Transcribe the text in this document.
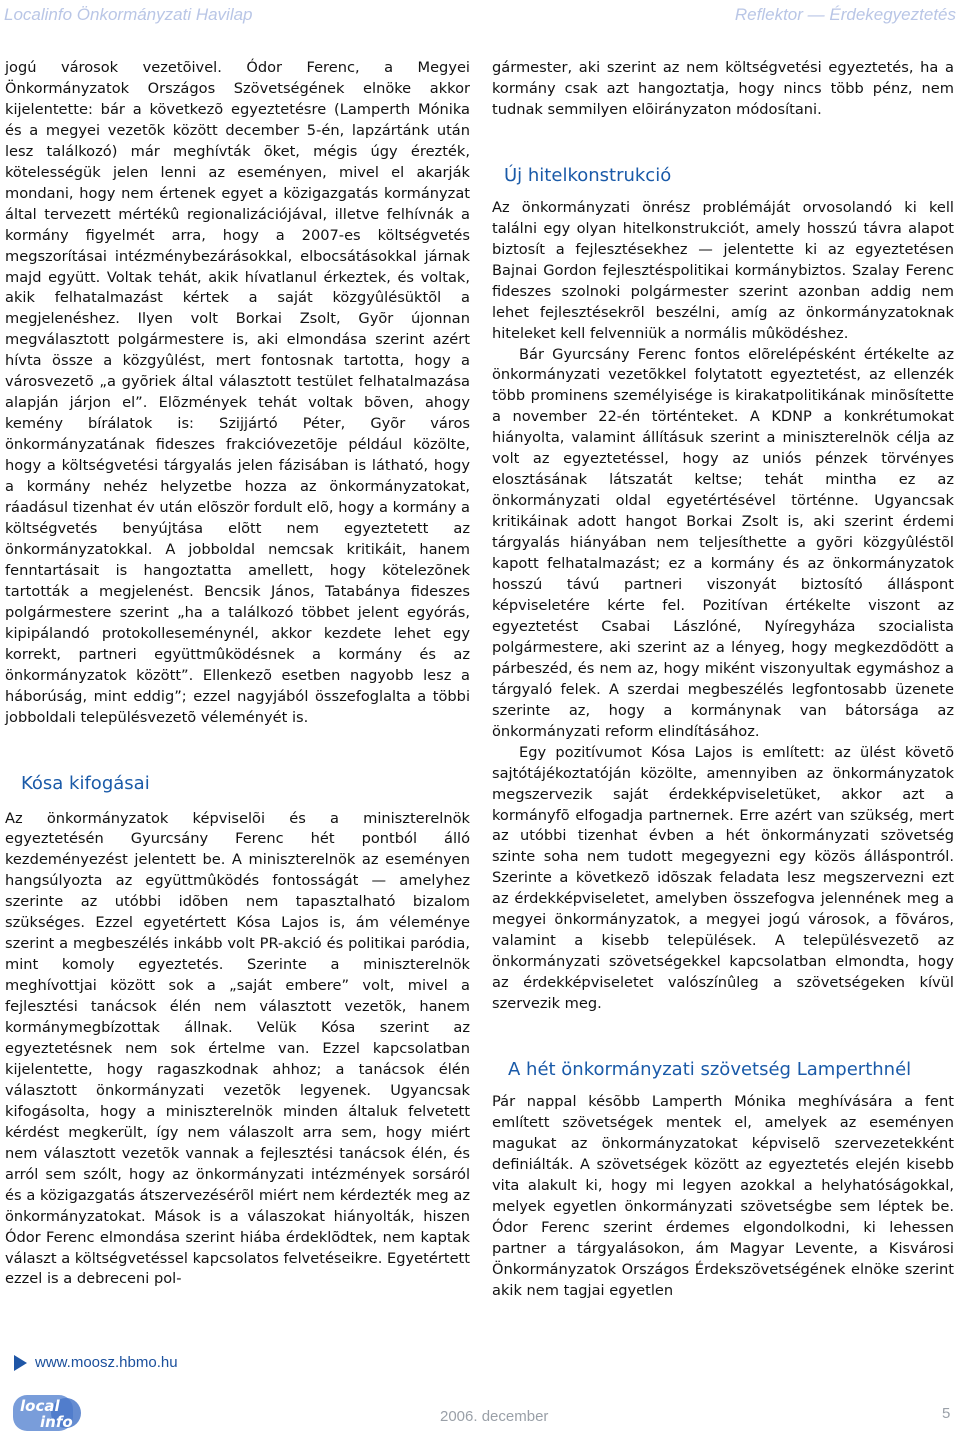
Localinfo Önkormányzati Havilap	Reflektor — Érdekegyeztetés

jogú városok vezetõivel. Ódor Ferenc, a Megyei Önkormányzatok Országos Szövetségének elnöke akkor kijelentette: bár a következõ egyeztetésre (Lamperth Mónika és a megyei vezetõk között december 5-én, lapzártánk után lesz találkozó) már meghívták õket, mégis úgy érezték, kötelességük jelen lenni az eseményen, mivel el akarják mondani, hogy nem értenek egyet a közigazgatás kormányzat által tervezett mértékû regionalizációjával, illetve felhívnák a kormány figyelmét arra, hogy a 2007-es költségvetés megszorításai intézménybezárásokkal, elbocsátásokkal járnak majd együtt. Voltak tehát, akik hívatlanul érkeztek, és voltak, akik felhatalmazást kértek a saját közgyûlésüktõl a megjelenéshez. Ilyen volt Borkai Zsolt, Gyõr újonnan megválasztott polgármestere is, aki elmondása szerint azért hívta össze a közgyûlést, mert fontosnak tartotta, hogy a városvezetõ „a gyõriek által választott testület felhatalmazása alapján járjon el”. Elõzmények tehát voltak bõven, ahogy kemény bírálatok is: Szijjártó Péter, Gyõr város önkormányzatának fideszes frakcióvezetõje például közölte, hogy a költségvetési tárgyalás jelen fázisában is látható, hogy a kormány nehéz helyzetbe hozza az önkormányzatokat, ráadásul tizenhat év után elõször fordult elõ, hogy a kormány a költségvetés benyújtása elõtt nem egyeztetett az önkormányzatokkal. A jobboldal nemcsak kritikáit, hanem fenntartásait is hangoztatta amellett, hogy kötelezõnek tartották a megjelenést. Bencsik János, Tatabánya fideszes polgármestere szerint „ha a találkozó többet jelent egyórás, kipipálandó protokolleseménynél, akkor kezdete lehet egy korrekt, partneri együttmûködésnek a kormány és az önkormányzatok között”. Ellenkezõ esetben nagyobb lesz a háborúság, mint eddig”; ezzel nagyjából összefoglalta a többi jobboldali településvezetõ véleményét is.

Kósa kifogásai

Az önkormányzatok képviselõi és a miniszterelnök egyeztetésén Gyurcsány Ferenc hét pontból álló kezdeményezést jelentett be. A miniszterelnök az eseményen hangsúlyozta az együttmûködés fontosságát — amelyhez szerinte az utóbbi idõben nem tapasztalható bizalom szükséges. Ezzel egyetértett Kósa Lajos is, ám véleménye szerint a megbeszélés inkább volt PR-akció és politikai paródia, mint komoly egyeztetés. Szerinte a miniszterelnök meghívottjai között sok a „saját embere” volt, mivel a fejlesztési tanácsok élén nem választott vezetõk, hanem kormánymegbízottak állnak. Velük Kósa szerint az egyeztetésnek nem sok értelme van. Ezzel kapcsolatban kijelentette, hogy ragaszkodnak ahhoz; a tanácsok élén választott önkormányzati vezetõk legyenek. Ugyancsak kifogásolta, hogy a miniszterelnök minden általuk felvetett kérdést megkerült, így nem válaszolt arra sem, hogy miért nem választott vezetõk vannak a fejlesztési tanácsok élén, és arról sem szólt, hogy az önkormányzati intézmények sorsáról és a közigazgatás átszervezésérõl miért nem kérdezték meg az önkormányzatokat. Mások is a válaszokat hiányolták, hiszen Ódor Ferenc elmondása szerint hiába érdeklõdtek, nem kaptak választ a költségvetéssel kapcsolatos felvetéseikre. Egyetértett ezzel is a debreceni pol-

gármester, aki szerint az nem költségvetési egyeztetés, ha a kormány csak azt hangoztatja, hogy nincs több pénz, nem tudnak semmilyen elõirányzaton módosítani.

Új hitelkonstrukció

Az önkormányzati önrész problémáját orvosolandó ki kell találni egy olyan hitelkonstrukciót, amely hosszú távra alapot biztosít a fejlesztésekhez — jelentette ki az egyeztetésen Bajnai Gordon fejlesztéspolitikai kormánybiztos. Szalay Ferenc fideszes szolnoki polgármester szerint azonban addig nem lehet fejlesztésekrõl beszélni, amíg az önkormányzatoknak hiteleket kell felvenniük a normális mûködéshez.

Bár Gyurcsány Ferenc fontos elõrelépésként értékelte az önkormányzati vezetõkkel folytatott egyeztetést, az ellenzék több prominens személyisége is kirakatpolitikának minõsítette a november 22-én történteket. A KDNP a konkrétumokat hiányolta, valamint állításuk szerint a miniszterelnök célja az volt az egyeztetéssel, hogy az uniós pénzek törvényes elosztásának látszatát keltse; tehát mintha ez az önkormányzati oldal egyetértésével történne. Ugyancsak kritikáinak adott hangot Borkai Zsolt is, aki szerint érdemi tárgyalás hiányában nem teljesíthette a gyõri közgyûléstõl kapott felhatalmazást; ez a kormány és az önkormányzatok hosszú távú partneri viszonyát biztosító álláspont képviseletére kérte fel. Pozitívan értékelte viszont az egyeztetést Csabai Lászlóné, Nyíregyháza szocialista polgármestere, aki szerint az a lényeg, hogy megkezdõdött a párbeszéd, és nem az, hogy miként viszonyultak egymáshoz a tárgyaló felek. A szerdai megbeszélés legfontosabb üzenete szerinte az, hogy a kormánynak van bátorsága az önkormányzati reform elindításához.

Egy pozitívumot Kósa Lajos is említett: az ülést követõ sajtótájékoztatóján közölte, amennyiben az önkormányzatok megszervezik saját érdekképviseletüket, akkor azt a kormányfõ elfogadja partnernek. Erre azért van szükség, mert az utóbbi tizenhat évben a hét önkormányzati szövetség szinte soha nem tudott megegyezni egy közös álláspontról. Szerinte a következõ idõszak feladata lesz megszervezni ezt az érdekképviseletet, amelyben összefogva jelennének meg a megyei önkormányzatok, a megyei jogú városok, a fõváros, valamint a kisebb települések. A településvezetõ az önkormányzati szövetségekkel kapcsolatban elmondta, hogy az érdekképviseletet valószínûleg a szövetségeken kívül szervezik meg.

A hét önkormányzati szövetség Lamperthnél

Pár nappal késõbb Lamperth Mónika meghívására a fent említett szövetségek mentek el, amelyek az eseményen magukat az önkormányzatokat képviselõ szervezetekként definiálták. A szövetségek között az egyeztetés elején kisebb vita alakult ki, hogy mi legyen azokkal a helyhatóságokkal, melyek egyetlen önkormányzati szövetségbe sem léptek be. Ódor Ferenc szerint érdemes elgondolkodni, ki lehessen partner a tárgyalásokon, ám Magyar Levente, a Kisvárosi Önkormányzatok Országos Érdekszövetségének elnöke szerint akik nem tagjai egyetlen

www.moosz.hbmo.hu
local
info	2006. december	5
